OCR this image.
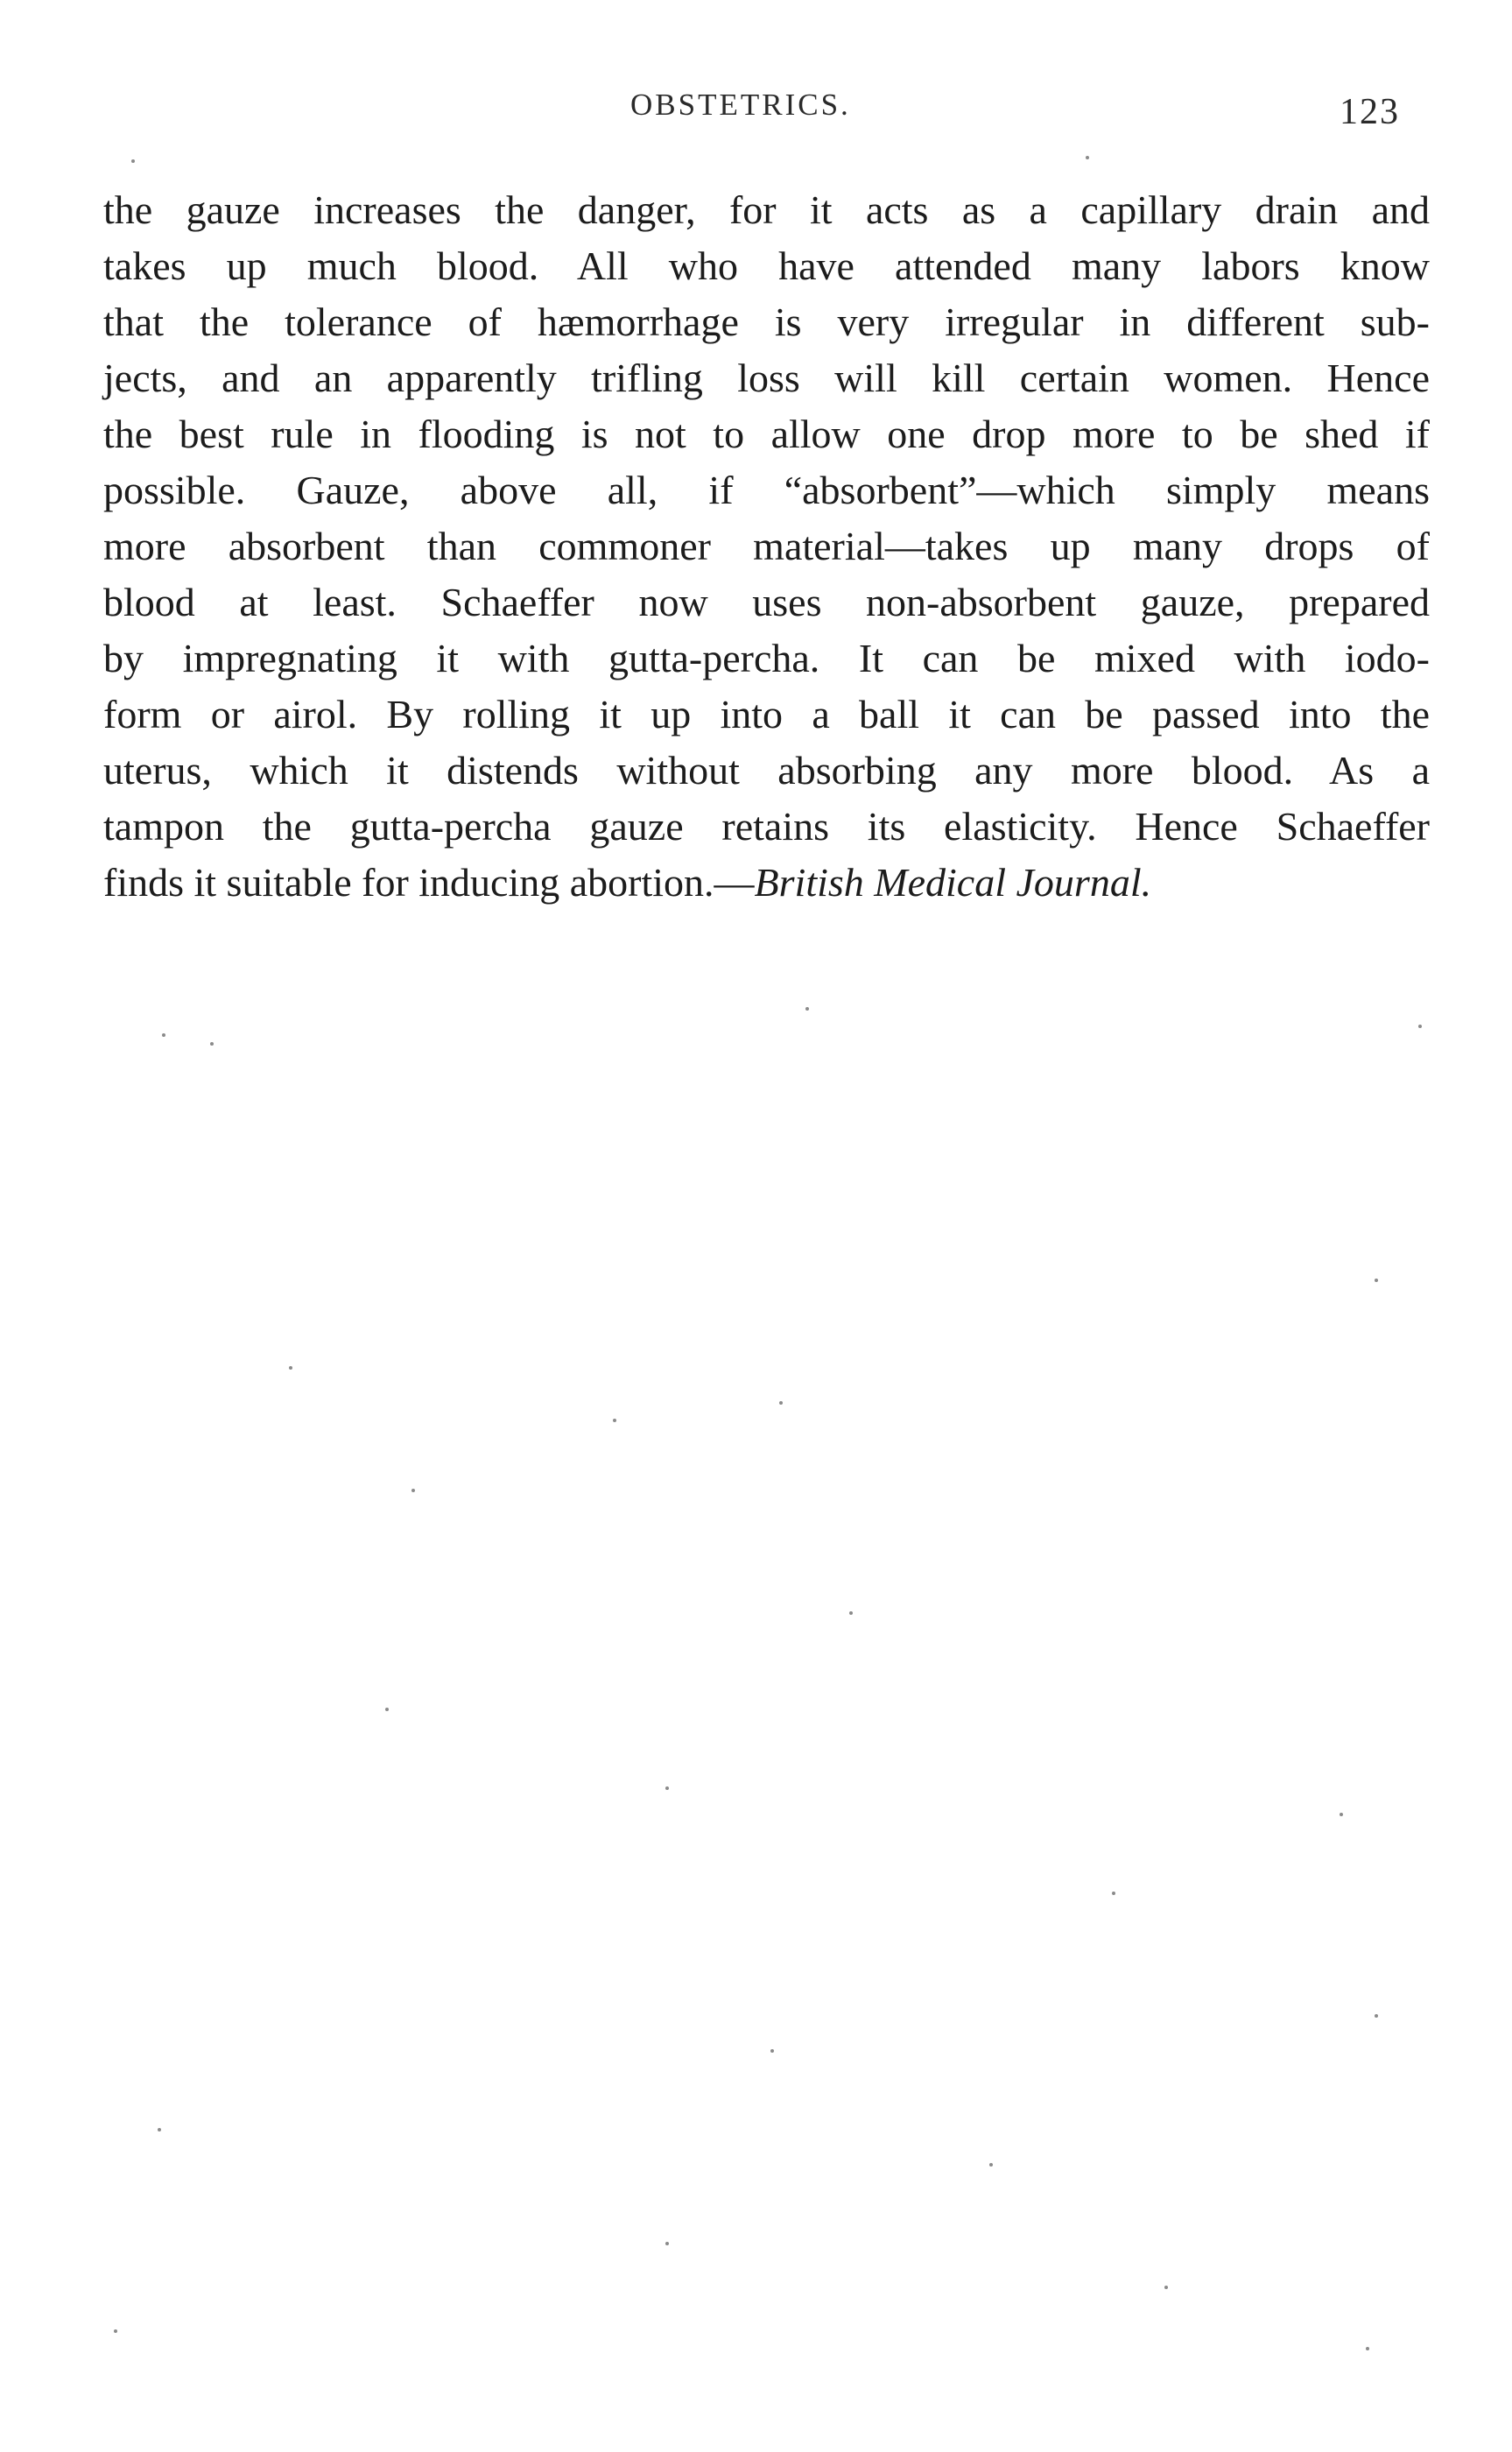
OBSTETRICS.	123
the gauze increases the danger, for it acts as a capillary drain and
takes up much blood. All who have attended many labors know
that the tolerance of hæmorrhage is very irregular in different sub-
jects, and an apparently trifling loss will kill certain women. Hence
the best rule in flooding is not to allow one drop more to be shed if
possible. Gauze, above all, if “absorbent”—which simply means
more absorbent than commoner material—takes up many drops of
blood at least. Schaeffer now uses non-absorbent gauze, prepared
by impregnating it with gutta-percha. It can be mixed with iodo-
form or airol. By rolling it up into a ball it can be passed into the
uterus, which it distends without absorbing any more blood. As a
tampon the gutta-percha gauze retains its elasticity. Hence Schaeffer
finds it suitable for inducing abortion.—British Medical Journal.
